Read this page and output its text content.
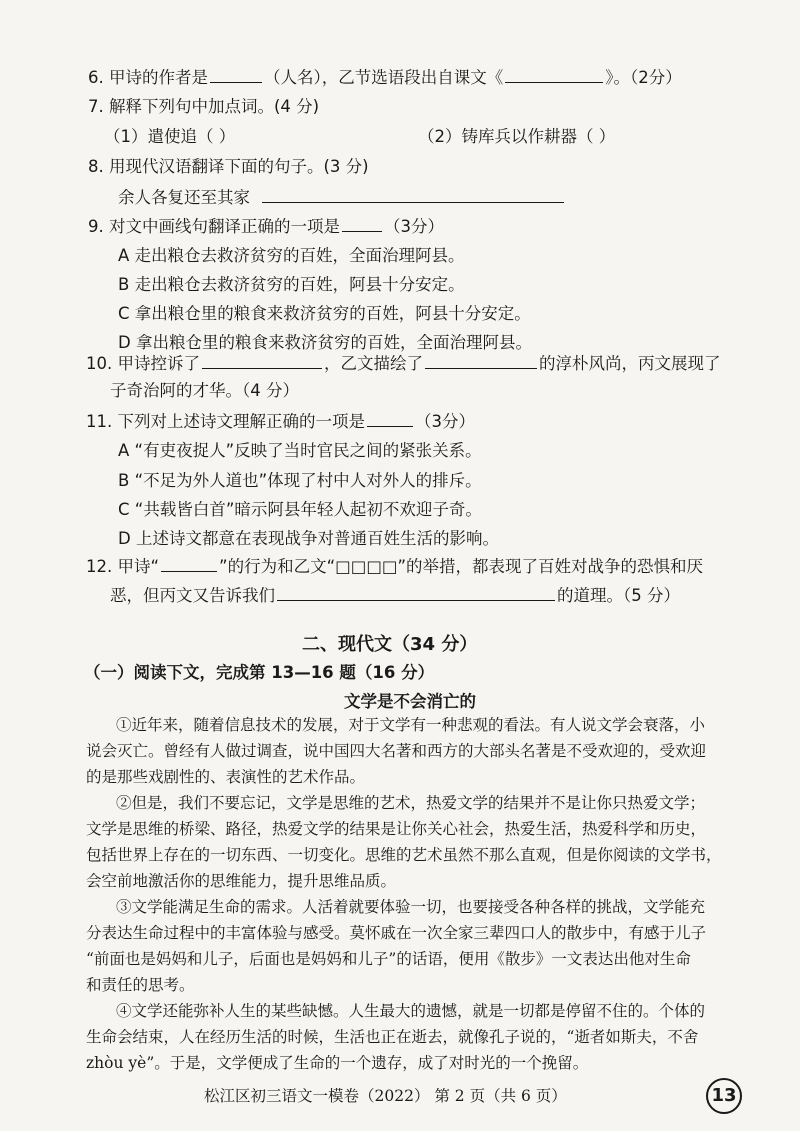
6. 甲诗的作者是	（人名），乙节选语段出自课文《	》。（2分）
7. 解释下列句中加点词。(4 分)
（1）遣使追（ ）	（2）铸库兵以作耕器（ ）
8. 用现代汉语翻译下面的句子。(3 分)
余人各复还至其家
9. 对文中画线句翻译正确的一项是	（3分）
A 走出粮仓去救济贫穷的百姓，全面治理阿县。
B 走出粮仓去救济贫穷的百姓，阿县十分安定。
C 拿出粮仓里的粮食来救济贫穷的百姓，阿县十分安定。
D 拿出粮仓里的粮食来救济贫穷的百姓，全面治理阿县。
10. 甲诗控诉了	，乙文描绘了	的淳朴风尚，丙文展现了
子奇治阿的才华。（4 分）
11. 下列对上述诗文理解正确的一项是	（3分）
A “有吏夜捉人”反映了当时官民之间的紧张关系。
B “不足为外人道也”体现了村中人对外人的排斥。
C “共载皆白首”暗示阿县年轻人起初不欢迎子奇。
D 上述诗文都意在表现战争对普通百姓生活的影响。
12. 甲诗“	”的行为和乙文“□□□□”的举措，都表现了百姓对战争的恐惧和厌
恶，但丙文又告诉我们	的道理。（5 分）
二、现代文（34 分）
（一）阅读下文，完成第 13—16 题（16 分）
文学是不会消亡的
①近年来，随着信息技术的发展，对于文学有一种悲观的看法。有人说文学会衰落，小
说会灭亡。曾经有人做过调查，说中国四大名著和西方的大部头名著是不受欢迎的，受欢迎
的是那些戏剧性的、表演性的艺术作品。
②但是，我们不要忘记，文学是思维的艺术，热爱文学的结果并不是让你只热爱文学；
文学是思维的桥梁、路径，热爱文学的结果是让你关心社会，热爱生活，热爱科学和历史，
包括世界上存在的一切东西、一切变化。思维的艺术虽然不那么直观，但是你阅读的文学书，
会空前地激活你的思维能力，提升思维品质。
③文学能满足生命的需求。人活着就要体验一切，也要接受各种各样的挑战，文学能充
分表达生命过程中的丰富体验与感受。莫怀戚在一次全家三辈四口人的散步中，有感于儿子
“前面也是妈妈和儿子，后面也是妈妈和儿子”的话语，便用《散步》一文表达出他对生命
和责任的思考。
④文学还能弥补人生的某些缺憾。人生最大的遗憾，就是一切都是停留不住的。个体的
生命会结束，人在经历生活的时候，生活也正在逝去，就像孔子说的，“逝者如斯夫，不舍
zhòu yè”。于是，文学便成了生命的一个遗存，成了对时光的一个挽留。
松江区初三语文一模卷（2022） 第 2 页（共 6 页）	13
